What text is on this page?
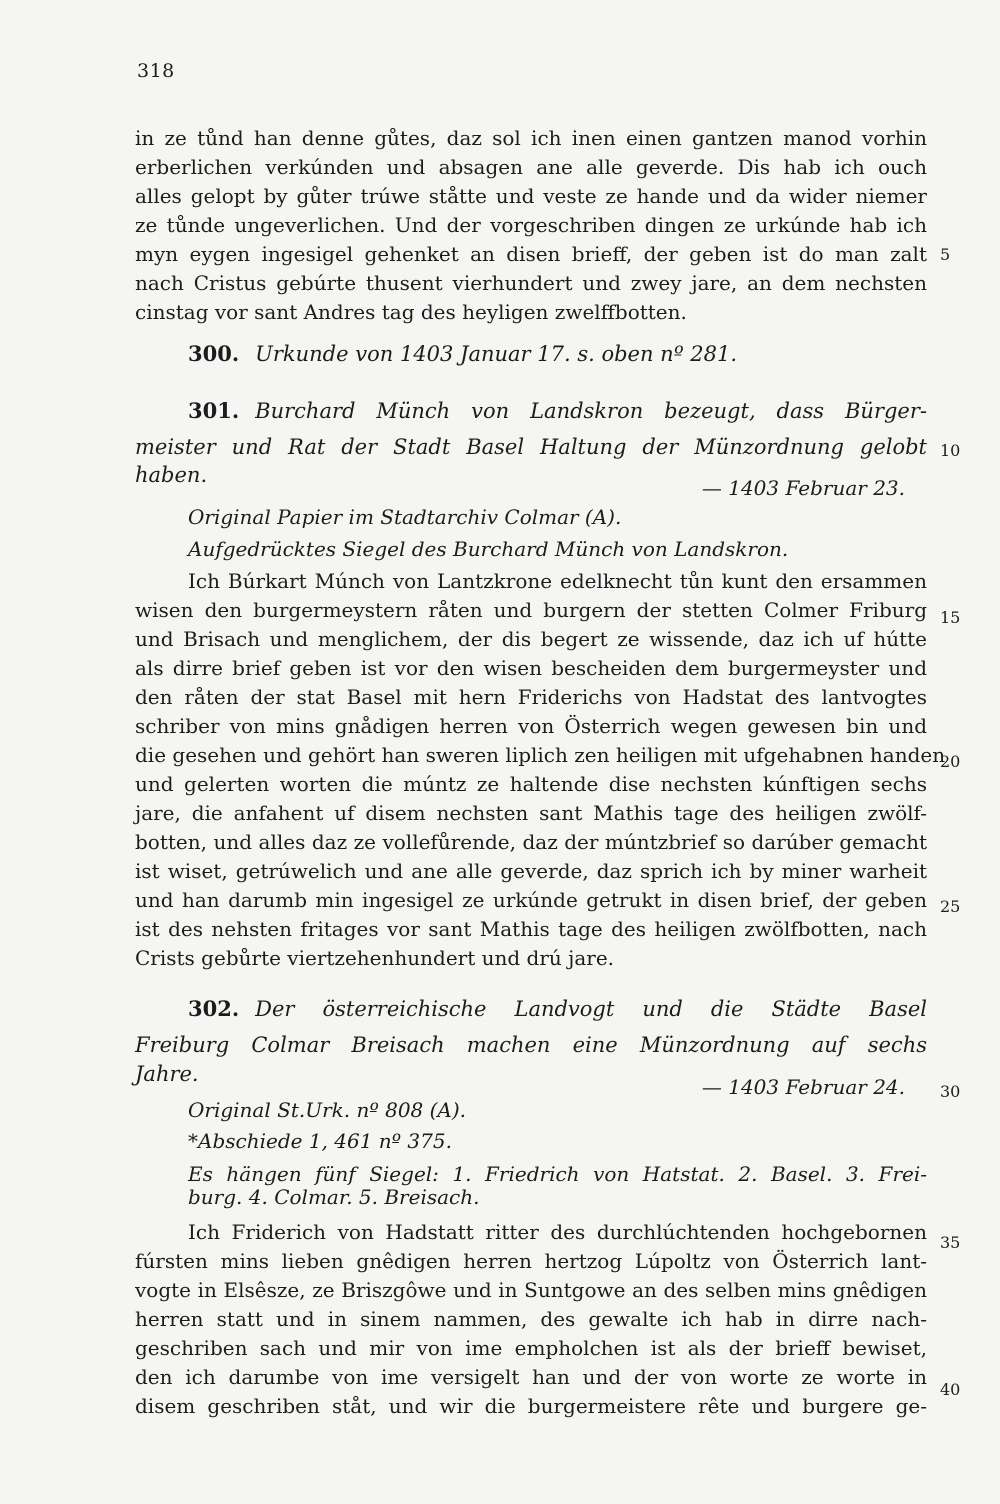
318
in ze tůnd han denne gůtes, daz sol ich inen einen gantzen manod vorhin
erberlichen verkúnden und absagen ane alle geverde. Dis hab ich ouch
alles gelopt by gůter trúwe ståtte und veste ze hande und da wider niemer
ze tůnde ungeverlichen. Und der vorgeschriben dingen ze urkúnde hab ich
myn eygen ingesigel gehenket an disen brieff, der geben ist do man zalt
nach Cristus gebúrte thusent vierhundert und zwey jare, an dem nechsten
cinstag vor sant Andres tag des heyligen zwelffbotten.
300. Urkunde von 1403 Januar 17. s. oben nº 281.
301. Burchard Münch von Landskron bezeugt, dass Bürger-
meister und Rat der Stadt Basel Haltung der Münzordnung gelobt
haben.
— 1403 Februar 23.
Original Papier im Stadtarchiv Colmar (A).
Aufgedrücktes Siegel des Burchard Münch von Landskron.
Ich Búrkart Múnch von Lantzkrone edelknecht tůn kunt den ersammen
wisen den burgermeystern råten und burgern der stetten Colmer Friburg
und Brisach und menglichem, der dis begert ze wissende, daz ich uf hútte
als dirre brief geben ist vor den wisen bescheiden dem burgermeyster und
den råten der stat Basel mit hern Friderichs von Hadstat des lantvogtes
schriber von mins gnådigen herren von Österrich wegen gewesen bin und
die gesehen und gehört han sweren liplich zen heiligen mit ufgehabnen handen
und gelerten worten die múntz ze haltende dise nechsten kúnftigen sechs
jare, die anfahent uf disem nechsten sant Mathis tage des heiligen zwölf-
botten, und alles daz ze vollefůrende, daz der múntzbrief so darúber gemacht
ist wiset, getrúwelich und ane alle geverde, daz sprich ich by miner warheit
und han darumb min ingesigel ze urkúnde getrukt in disen brief, der geben
ist des nehsten fritages vor sant Mathis tage des heiligen zwölfbotten, nach
Crists gebůrte viertzehenhundert und drú jare.
302. Der österreichische Landvogt und die Städte Basel
Freiburg Colmar Breisach machen eine Münzordnung auf sechs
Jahre.
— 1403 Februar 24.
Original St.Urk. nº 808 (A).
*Abschiede 1, 461 nº 375.
Es hängen fünf Siegel: 1. Friedrich von Hatstat. 2. Basel. 3. Frei-
burg. 4. Colmar. 5. Breisach.
Ich Friderich von Hadstatt ritter des durchlúchtenden hochgebornen
fúrsten mins lieben gnêdigen herren hertzog Lúpoltz von Österrich lant-
vogte in Elsêsze, ze Briszgôwe und in Suntgowe an des selben mins gnêdigen
herren statt und in sinem nammen, des gewalte ich hab in dirre nach-
geschriben sach und mir von ime empholchen ist als der brieff bewiset,
den ich darumbe von ime versigelt han und der von worte ze worte in
disem geschriben ståt, und wir die burgermeistere rête und burgere ge-
5
10
15
20
25
30
35
40
